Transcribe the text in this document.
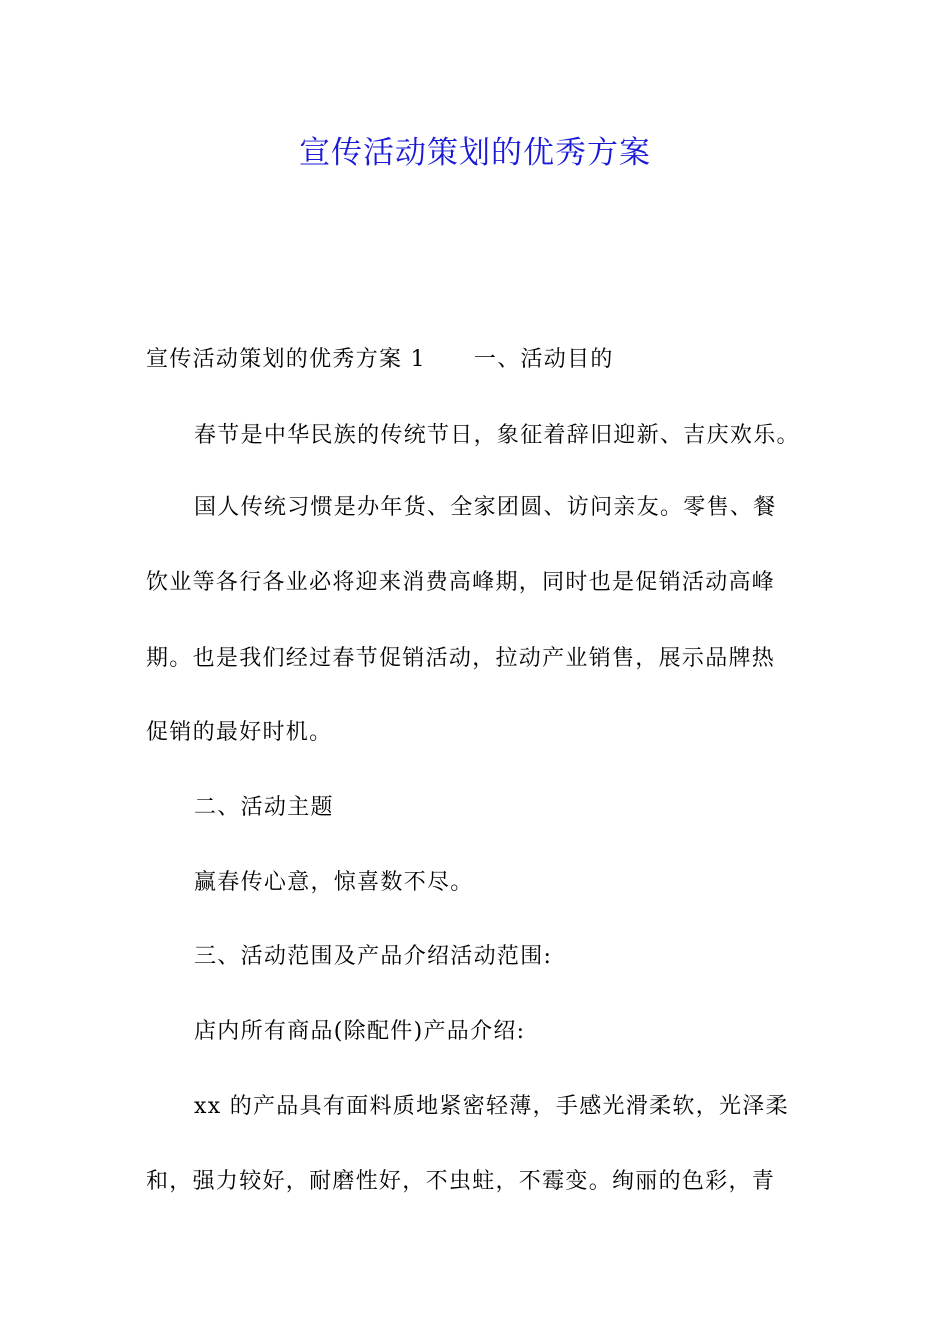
宣传活动策划的优秀方案
宣传活动策划的优秀方案 1 一、活动目的
春节是中华民族的传统节日，象征着辞旧迎新、吉庆欢乐。
国人传统习惯是办年货、全家团圆、访问亲友。零售、餐
饮业等各行各业必将迎来消费高峰期，同时也是促销活动高峰
期。也是我们经过春节促销活动，拉动产业销售，展示品牌热
促销的最好时机。
二、活动主题
赢春传心意，惊喜数不尽。
三、活动范围及产品介绍活动范围:
店内所有商品(除配件)产品介绍:
xx 的产品具有面料质地紧密轻薄，手感光滑柔软，光泽柔
和，强力较好，耐磨性好，不虫蛀，不霉变。绚丽的色彩，青
